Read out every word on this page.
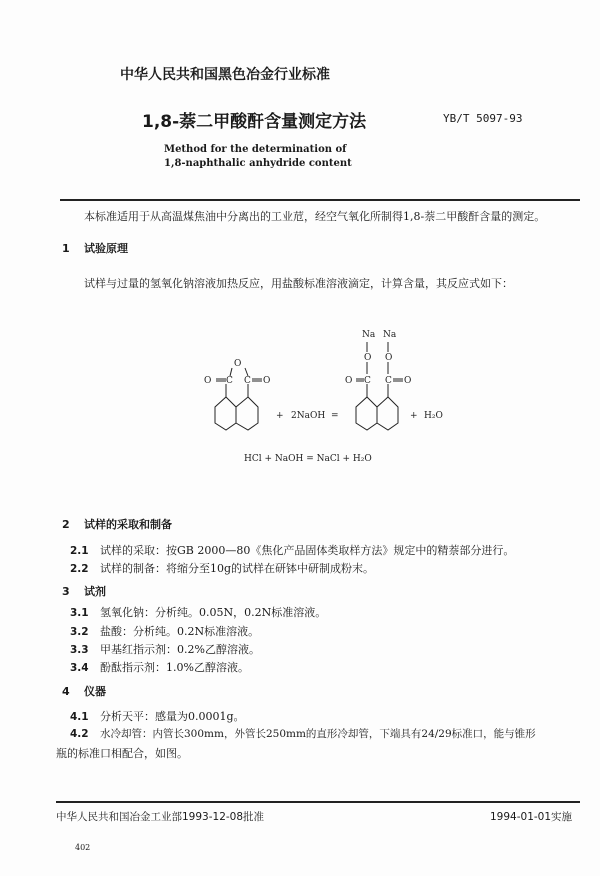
中华人民共和国黑色冶金行业标准
1,8-萘二甲酸酐含量测定方法	YB/T 5097-93
Method for the determination of
1,8-naphthalic anhydride content
本标准适用于从高温煤焦油中分离出的工业苊，经空气氧化所制得1,8-萘二甲酸酐含量的测定。
1 试验原理
试样与过量的氢氧化钠溶液加热反应，用盐酸标准溶液滴定，计算含量，其反应式如下：
O
O C C O
+ 2NaOH =
Na Na
O O
O C C O
+ H₂O
HCl + NaOH = NaCl + H₂O
2 试样的采取和制备
2.1 试样的采取：按GB 2000—80《焦化产品固体类取样方法》规定中的精萘部分进行。
2.2 试样的制备：将缩分至10g的试样在研钵中研制成粉末。
3 试剂
3.1 氢氧化钠：分析纯。0.05N，0.2N标准溶液。
3.2 盐酸：分析纯。0.2N标准溶液。
3.3 甲基红指示剂：0.2%乙醇溶液。
3.4 酚酞指示剂：1.0%乙醇溶液。
4 仪器
4.1 分析天平：感量为0.0001g。
4.2 水冷却管：内管长300mm，外管长250mm的直形冷却管，下端具有24/29标准口，能与锥形
瓶的标准口相配合，如图。
中华人民共和国冶金工业部1993-12-08批准	1994-01-01实施
402
